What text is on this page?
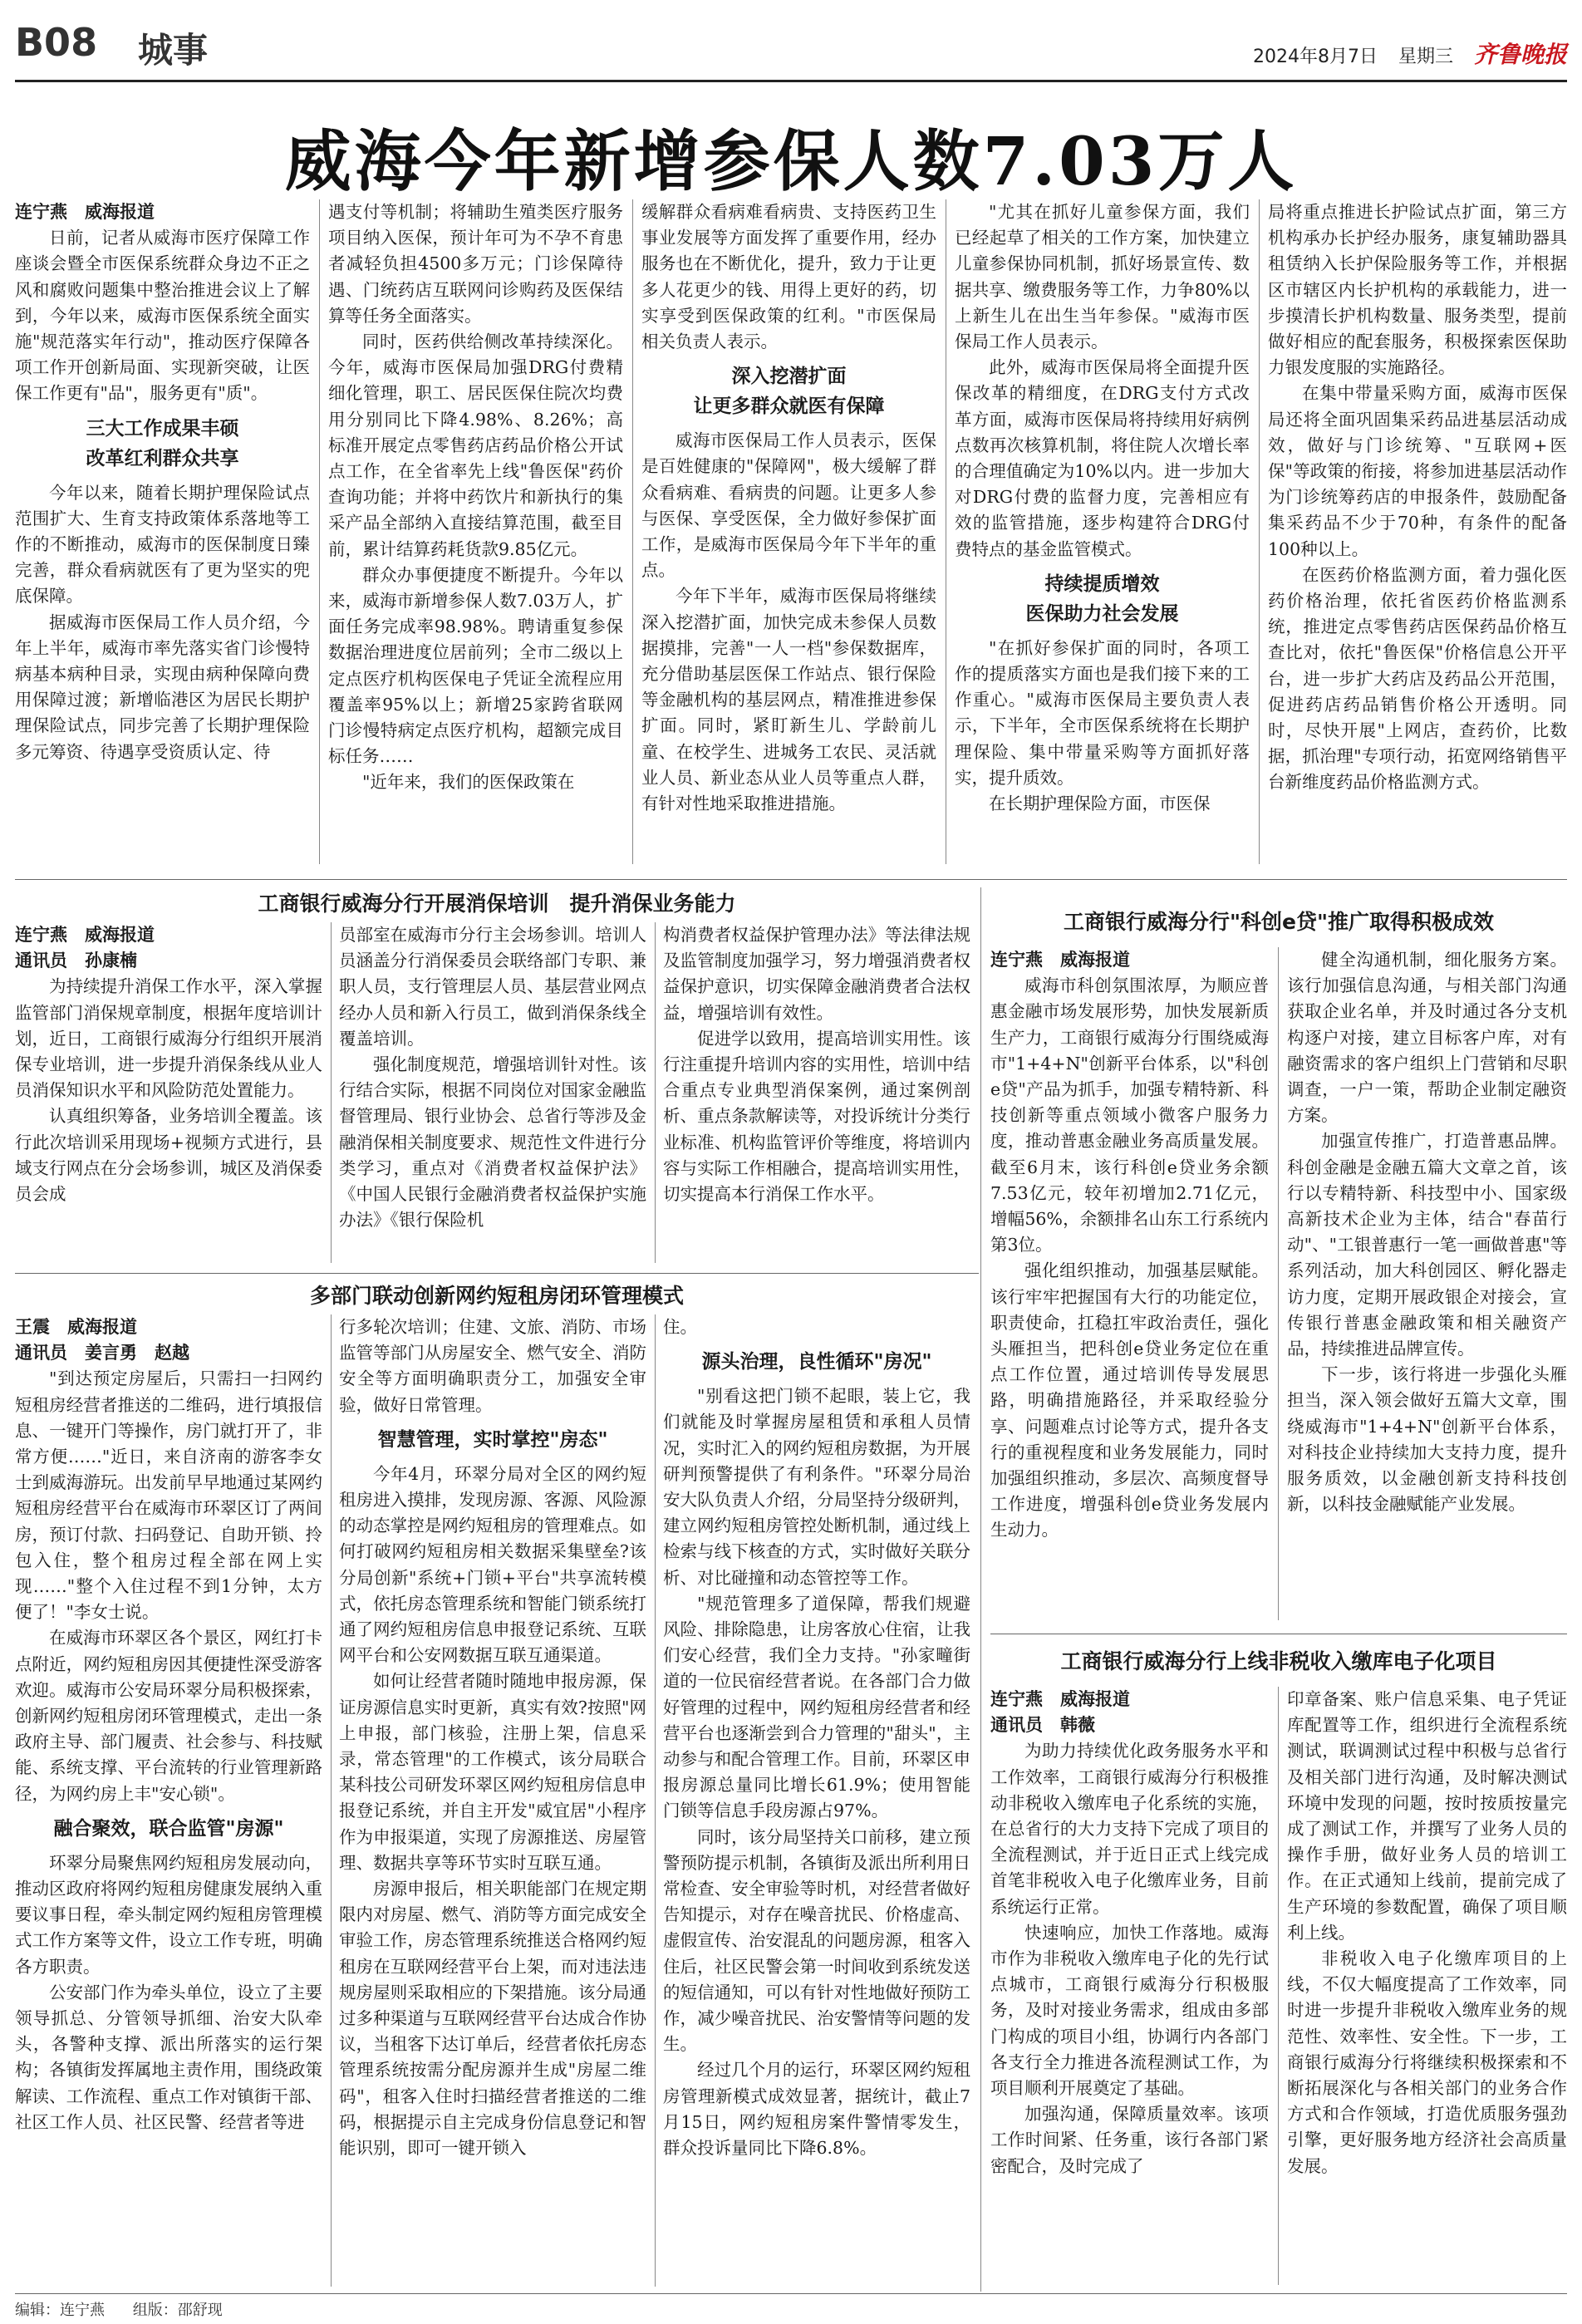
B08 城事	2024年8月7日 星期三 齐鲁晚报
威海今年新增参保人数7.03万人

连宁燕　威海报道

日前，记者从威海市医疗保障工作座谈会暨全市医保系统群众身边不正之风和腐败问题集中整治推进会议上了解到，今年以来，威海市医保系统全面实施"规范落实年行动"，推动医疗保障各项工作开创新局面、实现新突破，让医保工作更有"品"，服务更有"质"。

三大工作成果丰硕
改革红利群众共享

今年以来，随着长期护理保险试点范围扩大、生育支持政策体系落地等工作的不断推动，威海市的医保制度日臻完善，群众看病就医有了更为坚实的兜底保障。

据威海市医保局工作人员介绍，今年上半年，威海市率先落实省门诊慢特病基本病种目录，实现由病种保障向费用保障过渡；新增临港区为居民长期护理保险试点，同步完善了长期护理保险多元筹资、待遇享受资质认定、待

遇支付等机制；将辅助生殖类医疗服务项目纳入医保，预计年可为不孕不育患者减轻负担4500多万元；门诊保障待遇、门统药店互联网问诊购药及医保结算等任务全面落实。

同时，医药供给侧改革持续深化。今年，威海市医保局加强DRG付费精细化管理，职工、居民医保住院次均费用分别同比下降4.98%、8.26%；高标准开展定点零售药店药品价格公开试点工作，在全省率先上线"鲁医保"药价查询功能；并将中药饮片和新执行的集采产品全部纳入直接结算范围，截至目前，累计结算药耗货款9.85亿元。

群众办事便捷度不断提升。今年以来，威海市新增参保人数7.03万人，扩面任务完成率98.98%。聘请重复参保数据治理进度位居前列；全市二级以上定点医疗机构医保电子凭证全流程应用覆盖率95%以上；新增25家跨省联网门诊慢特病定点医疗机构，超额完成目标任务……

"近年来，我们的医保政策在

缓解群众看病难看病贵、支持医药卫生事业发展等方面发挥了重要作用，经办服务也在不断优化，提升，致力于让更多人花更少的钱、用得上更好的药，切实享受到医保政策的红利。"市医保局相关负责人表示。

深入挖潜扩面
让更多群众就医有保障

威海市医保局工作人员表示，医保是百姓健康的"保障网"，极大缓解了群众看病难、看病贵的问题。让更多人参与医保、享受医保，全力做好参保扩面工作，是威海市医保局今年下半年的重点。

今年下半年，威海市医保局将继续深入挖潜扩面，加快完成未参保人员数据摸排，完善"一人一档"参保数据库，充分借助基层医保工作站点、银行保险等金融机构的基层网点，精准推进参保扩面。同时，紧盯新生儿、学龄前儿童、在校学生、进城务工农民、灵活就业人员、新业态从业人员等重点人群，有针对性地采取推进措施。

"尤其在抓好儿童参保方面，我们已经起草了相关的工作方案，加快建立儿童参保协同机制，抓好场景宣传、数据共享、缴费服务等工作，力争80%以上新生儿在出生当年参保。"威海市医保局工作人员表示。

此外，威海市医保局将全面提升医保改革的精细度，在DRG支付方式改革方面，威海市医保局将持续用好病例点数再次核算机制，将住院人次增长率的合理值确定为10%以内。进一步加大对DRG付费的监督力度，完善相应有效的监管措施，逐步构建符合DRG付费特点的基金监管模式。

持续提质增效
医保助力社会发展

"在抓好参保扩面的同时，各项工作的提质落实方面也是我们接下来的工作重心。"威海市医保局主要负责人表示，下半年，全市医保系统将在长期护理保险、集中带量采购等方面抓好落实，提升质效。

在长期护理保险方面，市医保

局将重点推进长护险试点扩面，第三方机构承办长护经办服务，康复辅助器具租赁纳入长护保险服务等工作，并根据区市辖区内长护机构的承载能力，进一步摸清长护机构数量、服务类型，提前做好相应的配套服务，积极探索医保助力银发度服的实施路径。

在集中带量采购方面，威海市医保局还将全面巩固集采药品进基层活动成效，做好与门诊统筹、"互联网+医保"等政策的衔接，将参加进基层活动作为门诊统筹药店的申报条件，鼓励配备集采药品不少于70种，有条件的配备100种以上。

在医药价格监测方面，着力强化医药价格治理，依托省医药价格监测系统，推进定点零售药店医保药品价格互查比对，依托"鲁医保"价格信息公开平台，进一步扩大药店及药品公开范围，促进药店药品销售价格公开透明。同时，尽快开展"上网店，查药价，比数据，抓治理"专项行动，拓宽网络销售平台新维度药品价格监测方式。

工商银行威海分行开展消保培训　提升消保业务能力

连宁燕　威海报道

通讯员　孙康楠

为持续提升消保工作水平，深入掌握监管部门消保规章制度，根据年度培训计划，近日，工商银行威海分行组织开展消保专业培训，进一步提升消保条线从业人员消保知识水平和风险防范处置能力。

认真组织筹备，业务培训全覆盖。该行此次培训采用现场+视频方式进行，县域支行网点在分会场参训，城区及消保委员会成

员部室在威海市分行主会场参训。培训人员涵盖分行消保委员会联络部门专职、兼职人员，支行管理层人员、基层营业网点经办人员和新入行员工，做到消保条线全覆盖培训。

强化制度规范，增强培训针对性。该行结合实际，根据不同岗位对国家金融监督管理局、银行业协会、总省行等涉及金融消保相关制度要求、规范性文件进行分类学习，重点对《消费者权益保护法》《中国人民银行金融消费者权益保护实施办法》《银行保险机

构消费者权益保护管理办法》等法律法规及监管制度加强学习，努力增强消费者权益保护意识，切实保障金融消费者合法权益，增强培训有效性。

促进学以致用，提高培训实用性。该行注重提升培训内容的实用性，培训中结合重点专业典型消保案例，通过案例剖析、重点条款解读等，对投诉统计分类行业标准、机构监管评价等维度，将培训内容与实际工作相融合，提高培训实用性，切实提高本行消保工作水平。

多部门联动创新网约短租房闭环管理模式

王震　威海报道

通讯员　姜言勇　赵越

"到达预定房屋后，只需扫一扫网约短租房经营者推送的二维码，进行填报信息、一键开门等操作，房门就打开了，非常方便……"近日，来自济南的游客李女士到威海游玩。出发前早早地通过某网约短租房经营平台在威海市环翠区订了两间房，预订付款、扫码登记、自助开锁、拎包入住，整个租房过程全部在网上实现……"整个入住过程不到1分钟，太方便了！"李女士说。

在威海市环翠区各个景区，网红打卡点附近，网约短租房因其便捷性深受游客欢迎。威海市公安局环翠分局积极探索，创新网约短租房闭环管理模式，走出一条政府主导、部门履责、社会参与、科技赋能、系统支撑、平台流转的行业管理新路径，为网约房上丰"安心锁"。

融合聚效，联合监管"房源"

环翠分局聚焦网约短租房发展动向，推动区政府将网约短租房健康发展纳入重要议事日程，牵头制定网约短租房管理模式工作方案等文件，设立工作专班，明确各方职责。

公安部门作为牵头单位，设立了主要领导抓总、分管领导抓细、治安大队牵头，各警种支撑、派出所落实的运行架构；各镇街发挥属地主责作用，围绕政策解读、工作流程、重点工作对镇街干部、社区工作人员、社区民警、经营者等进

行多轮次培训；住建、文旅、消防、市场监管等部门从房屋安全、燃气安全、消防安全等方面明确职责分工，加强安全审验，做好日常管理。

智慧管理，实时掌控"房态"

今年4月，环翠分局对全区的网约短租房进入摸排，发现房源、客源、风险源的动态掌控是网约短租房的管理难点。如何打破网约短租房相关数据采集壁垒?该分局创新"系统+门锁+平台"共享流转模式，依托房态管理系统和智能门锁系统打通了网约短租房信息申报登记系统、互联网平台和公安网数据互联互通渠道。

如何让经营者随时随地申报房源，保证房源信息实时更新，真实有效?按照"网上申报，部门核验，注册上架，信息采录，常态管理"的工作模式，该分局联合某科技公司研发环翠区网约短租房信息申报登记系统，并自主开发"威宜居"小程序作为申报渠道，实现了房源推送、房屋管理、数据共享等环节实时互联互通。

房源申报后，相关职能部门在规定期限内对房屋、燃气、消防等方面完成安全审验工作，房态管理系统推送合格网约短租房在互联网经营平台上架，而对违法违规房屋则采取相应的下架措施。该分局通过多种渠道与互联网经营平台达成合作协议，当租客下达订单后，经营者依托房态管理系统按需分配房源并生成"房屋二维码"，租客入住时扫描经营者推送的二维码，根据提示自主完成身份信息登记和智能识别，即可一键开锁入

住。

源头治理，良性循环"房况"

"别看这把门锁不起眼，装上它，我们就能及时掌握房屋租赁和承租人员情况，实时汇入的网约短租房数据，为开展研判预警提供了有利条件。"环翠分局治安大队负责人介绍，分局坚持分级研判，建立网约短租房管控处断机制，通过线上检索与线下核查的方式，实时做好关联分析、对比碰撞和动态管控等工作。

"规范管理多了道保障，帮我们规避风险、排除隐患，让房客放心住宿，让我们安心经营，我们全力支持。"孙家疃街道的一位民宿经营者说。在各部门合力做好管理的过程中，网约短租房经营者和经营平台也逐渐尝到合力管理的"甜头"，主动参与和配合管理工作。目前，环翠区申报房源总量同比增长61.9%；使用智能门锁等信息手段房源占97%。

同时，该分局坚持关口前移，建立预警预防提示机制，各镇街及派出所利用日常检查、安全审验等时机，对经营者做好告知提示，对存在噪音扰民、价格虚高、虚假宣传、治安混乱的问题房源，租客入住后，社区民警会第一时间收到系统发送的短信通知，可以有针对性地做好预防工作，减少噪音扰民、治安警情等问题的发生。

经过几个月的运行，环翠区网约短租房管理新模式成效显著，据统计，截止7月15日，网约短租房案件警情零发生，群众投诉量同比下降6.8%。

工商银行威海分行"科创e贷"推广取得积极成效

连宁燕　威海报道

威海市科创氛围浓厚，为顺应普惠金融市场发展形势，加快发展新质生产力，工商银行威海分行围绕威海市"1+4+N"创新平台体系，以"科创e贷"产品为抓手，加强专精特新、科技创新等重点领域小微客户服务力度，推动普惠金融业务高质量发展。截至6月末，该行科创e贷业务余额7.53亿元，较年初增加2.71亿元，增幅56%，余额排名山东工行系统内第3位。

强化组织推动，加强基层赋能。该行牢牢把握国有大行的功能定位，职责使命，扛稳扛牢政治责任，强化头雁担当，把科创e贷业务定位在重点工作位置，通过培训传导发展思路，明确措施路径，并采取经验分享、问题难点讨论等方式，提升各支行的重视程度和业务发展能力，同时加强组织推动，多层次、高频度督导工作进度，增强科创e贷业务发展内生动力。

健全沟通机制，细化服务方案。该行加强信息沟通，与相关部门沟通获取企业名单，并及时通过各分支机构逐户对接，建立目标客户库，对有融资需求的客户组织上门营销和尽职调查，一户一策，帮助企业制定融资方案。

加强宣传推广，打造普惠品牌。科创金融是金融五篇大文章之首，该行以专精特新、科技型中小、国家级高新技术企业为主体，结合"春苗行动"、"工银普惠行一笔一画做普惠"等系列活动，加大科创园区、孵化器走访力度，定期开展政银企对接会，宣传银行普惠金融政策和相关融资产品，持续推进品牌宣传。

下一步，该行将进一步强化头雁担当，深入领会做好五篇大文章，围绕威海市"1+4+N"创新平台体系，对科技企业持续加大支持力度，提升服务质效，以金融创新支持科技创新，以科技金融赋能产业发展。

工商银行威海分行上线非税收入缴库电子化项目

连宁燕　威海报道

通讯员　韩薇

为助力持续优化政务服务水平和工作效率，工商银行威海分行积极推动非税收入缴库电子化系统的实施，在总省行的大力支持下完成了项目的全流程测试，并于近日正式上线完成首笔非税收入电子化缴库业务，目前系统运行正常。

快速响应，加快工作落地。威海市作为非税收入缴库电子化的先行试点城市，工商银行威海分行积极服务，及时对接业务需求，组成由多部门构成的项目小组，协调行内各部门各支行全力推进各流程测试工作，为项目顺利开展奠定了基础。

加强沟通，保障质量效率。该项工作时间紧、任务重，该行各部门紧密配合，及时完成了

印章备案、账户信息采集、电子凭证库配置等工作，组织进行全流程系统测试，联调测试过程中积极与总省行及相关部门进行沟通，及时解决测试环境中发现的问题，按时按质按量完成了测试工作，并撰写了业务人员的操作手册，做好业务人员的培训工作。在正式通知上线前，提前完成了生产环境的参数配置，确保了项目顺利上线。

非税收入电子化缴库项目的上线，不仅大幅度提高了工作效率，同时进一步提升非税收入缴库业务的规范性、效率性、安全性。下一步，工商银行威海分行将继续积极探索和不断拓展深化与各相关部门的业务合作方式和合作领域，打造优质服务强劲引擎，更好服务地方经济社会高质量发展。

编辑：连宁燕 组版：邵舒现
